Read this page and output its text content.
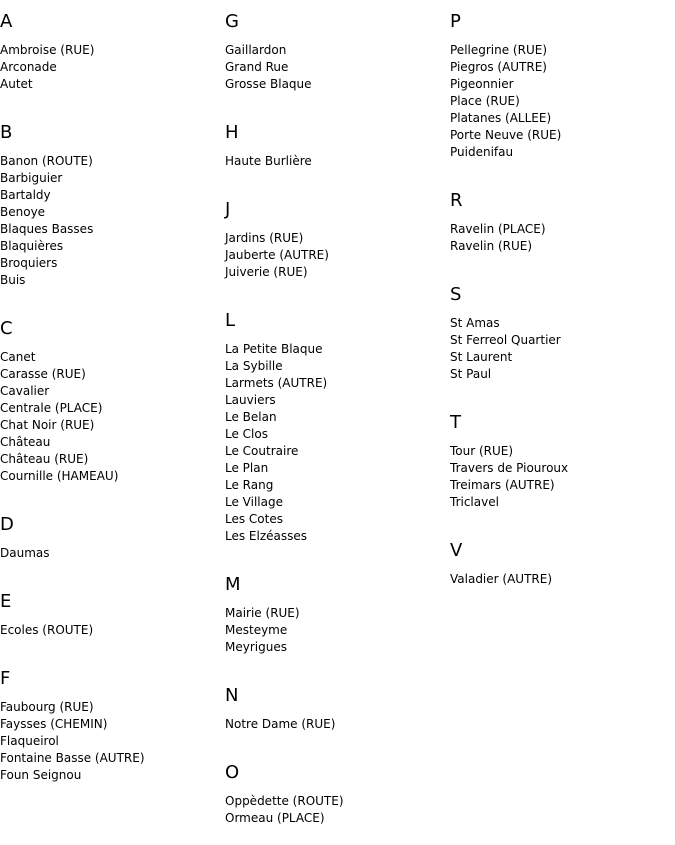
A
Ambroise (RUE)
Arconade
Autet
B
Banon (ROUTE)
Barbiguier
Bartaldy
Benoye
Blaques Basses
Blaquières
Broquiers
Buis
C
Canet
Carasse (RUE)
Cavalier
Centrale (PLACE)
Chat Noir (RUE)
Château
Château (RUE)
Cournille (HAMEAU)
D
Daumas
E
Ecoles (ROUTE)
F
Faubourg (RUE)
Faysses (CHEMIN)
Flaqueirol
Fontaine Basse (AUTRE)
Foun Seignou
G
Gaillardon
Grand Rue
Grosse Blaque
H
Haute Burlière
J
Jardins (RUE)
Jauberte (AUTRE)
Juiverie (RUE)
L
La Petite Blaque
La Sybille
Larmets (AUTRE)
Lauviers
Le Belan
Le Clos
Le Coutraire
Le Plan
Le Rang
Le Village
Les Cotes
Les Elzéasses
M
Mairie (RUE)
Mesteyme
Meyrigues
N
Notre Dame (RUE)
O
Oppèdette (ROUTE)
Ormeau (PLACE)
P
Pellegrine (RUE)
Piegros (AUTRE)
Pigeonnier
Place (RUE)
Platanes (ALLEE)
Porte Neuve (RUE)
Puidenifau
R
Ravelin (PLACE)
Ravelin (RUE)
S
St Amas
St Ferreol Quartier
St Laurent
St Paul
T
Tour (RUE)
Travers de Piouroux
Treimars (AUTRE)
Triclavel
V
Valadier (AUTRE)
